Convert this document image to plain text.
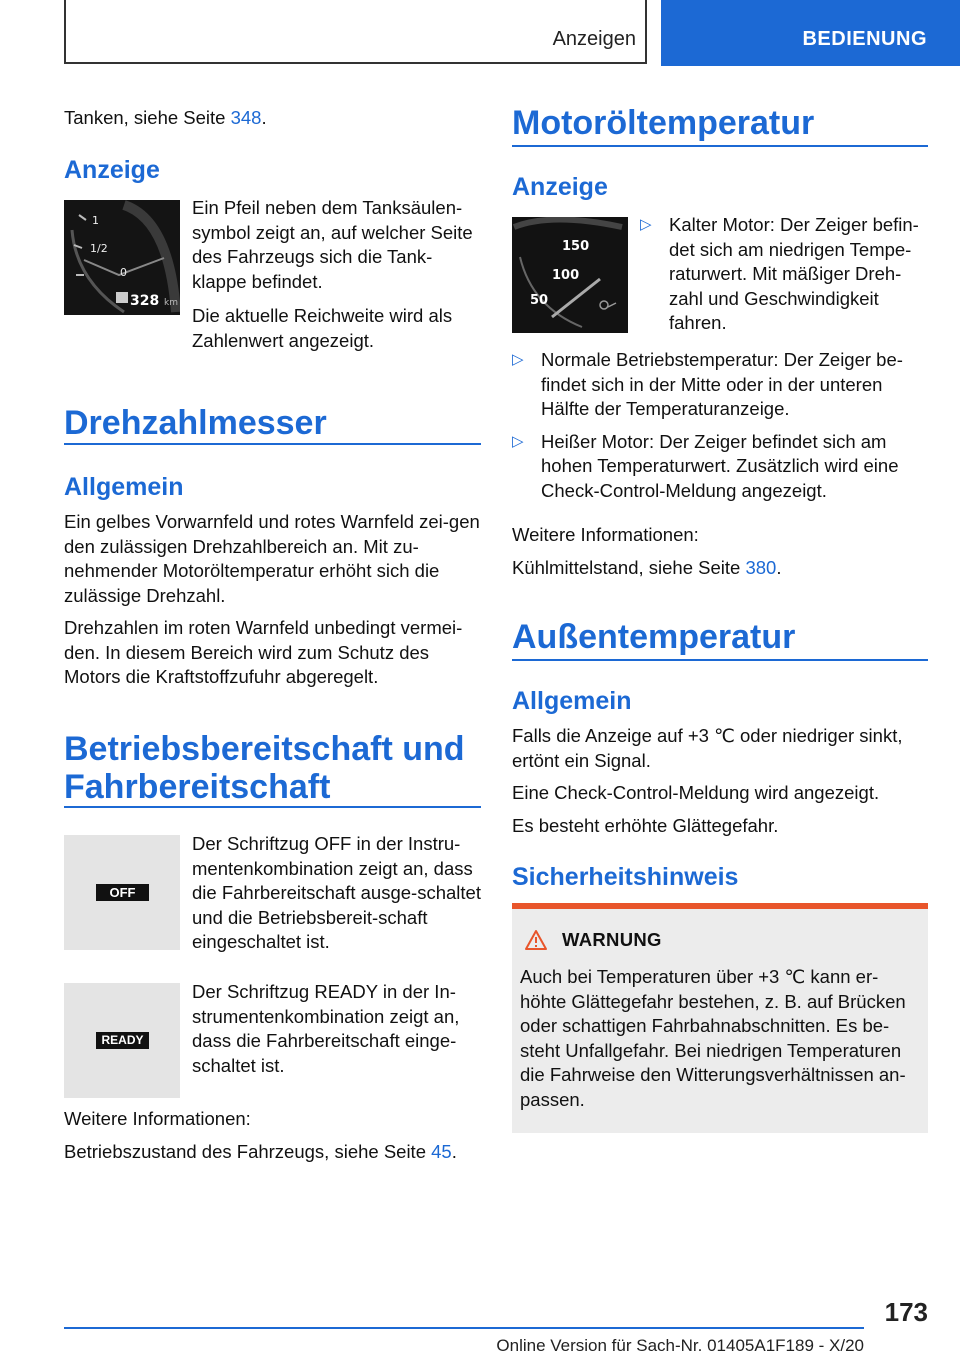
Anzeigen	BEDIENUNG
Tanken, siehe Seite 348.
Anzeige
1
1/2
0
328 km

Ein Pfeil neben dem Tanksäulen-symbol zeigt an, auf welcher Seite des Fahrzeugs sich die Tank-klappe befindet.

Die aktuelle Reichweite wird als Zahlenwert angezeigt.

Drehzahlmesser
Allgemein

Ein gelbes Vorwarnfeld und rotes Warnfeld zei-gen den zulässigen Drehzahlbereich an. Mit zu-nehmender Motoröltemperatur erhöht sich die zulässige Drehzahl.

Drehzahlen im roten Warnfeld unbedingt vermei-den. In diesem Bereich wird zum Schutz des Motors die Kraftstoffzufuhr abgeregelt.

Betriebsbereitschaft und
Fahrbereitschaft
OFF
Der Schriftzug OFF in der Instru-mentenkombination zeigt an, dass die Fahrbereitschaft ausge-schaltet und die Betriebsbereit-schaft eingeschaltet ist.
READY
Der Schriftzug READY in der In-strumentenkombination zeigt an, dass die Fahrbereitschaft einge-schaltet ist.

Weitere Informationen:

Betriebszustand des Fahrzeugs, siehe Seite 45.

Motoröltemperatur
Anzeige
150
100
50
▷ Kalter Motor: Der Zeiger befin-det sich am niedrigen Tempe-raturwert. Mit mäßiger Dreh-zahl und Geschwindigkeit fahren.
▷ Normale Betriebstemperatur: Der Zeiger be-findet sich in der Mitte oder in der unteren Hälfte der Temperaturanzeige.
▷ Heißer Motor: Der Zeiger befindet sich am hohen Temperaturwert. Zusätzlich wird eine Check-Control-Meldung angezeigt.

Weitere Informationen:

Kühlmittelstand, siehe Seite 380.

Außentemperatur
Allgemein

Falls die Anzeige auf +3 ℃ oder niedriger sinkt, ertönt ein Signal.

Eine Check-Control-Meldung wird angezeigt.

Es besteht erhöhte Glättegefahr.

Sicherheitshinweis
WARNUNG
Auch bei Temperaturen über +3 ℃ kann er-höhte Glättegefahr bestehen, z. B. auf Brücken oder schattigen Fahrbahnabschnitten. Es be-steht Unfallgefahr. Bei niedrigen Temperaturen die Fahrweise den Witterungsverhältnissen an-passen.
173
Online Version für Sach-Nr. 01405A1F189 - X/20
